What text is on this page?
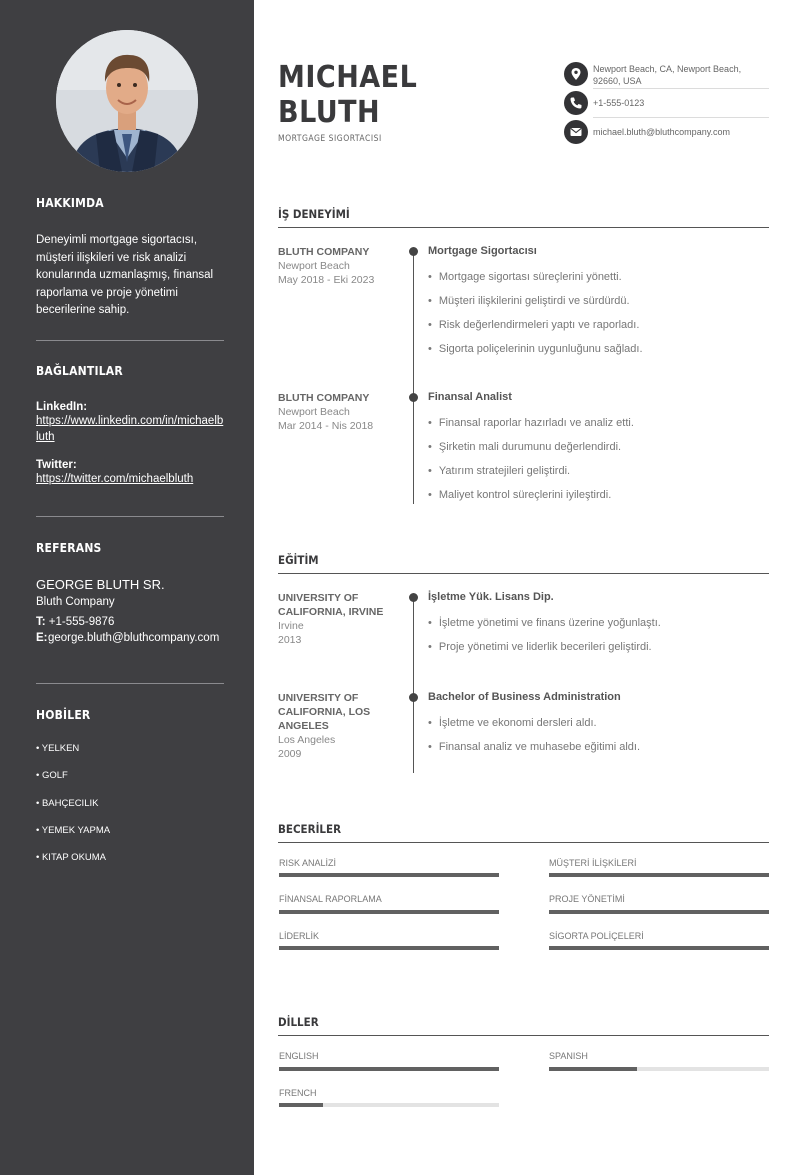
HAKKIMDA
Deneyimli mortgage sigortacısı, müşteri ilişkileri ve risk analizi konularında uzmanlaşmış, finansal raporlama ve proje yönetimi becerilerine sahip.
BAĞLANTILAR
LinkedIn:
https://www.linkedin.com/in/michaelbluth
Twitter:
https://twitter.com/michaelbluth
REFERANS
GEORGE BLUTH SR.
Bluth Company
T: +1-555-9876
E: george.bluth@bluthcompany.com
HOBİLER
• YELKEN
• GOLF
• BAHÇECILIK
• YEMEK YAPMA
• KITAP OKUMA
MICHAEL
BLUTH
MORTGAGE SIGORTACISI
Newport Beach, CA, Newport Beach, 92660, USA
+1-555-0123
michael.bluth@bluthcompany.com
İŞ DENEYİMİ
BLUTH COMPANY
Newport Beach
May 2018 - Eki 2023
Mortgage Sigortacısı
• Mortgage sigortası süreçlerini yönetti.
• Müşteri ilişkilerini geliştirdi ve sürdürdü.
• Risk değerlendirmeleri yaptı ve raporladı.
• Sigorta poliçelerinin uygunluğunu sağladı.
BLUTH COMPANY
Newport Beach
Mar 2014 - Nis 2018
Finansal Analist
• Finansal raporlar hazırladı ve analiz etti.
• Şirketin mali durumunu değerlendirdi.
• Yatırım stratejileri geliştirdi.
• Maliyet kontrol süreçlerini iyileştirdi.
EĞİTİM
UNIVERSITY OF
CALIFORNIA, IRVINE
Irvine
2013
İşletme Yük. Lisans Dip.
• İşletme yönetimi ve finans üzerine yoğunlaştı.
• Proje yönetimi ve liderlik becerileri geliştirdi.
UNIVERSITY OF
CALIFORNIA, LOS
ANGELES
Los Angeles
2009
Bachelor of Business Administration
• İşletme ve ekonomi dersleri aldı.
• Finansal analiz ve muhasebe eğitimi aldı.
BECERİLER
RISK ANALİZİ	MÜŞTERİ İLİŞKİLERİ
FİNANSAL RAPORLAMA	PROJE YÖNETİMİ
LİDERLİK	SİGORTA POLİÇELERİ
DİLLER
ENGLISH	SPANISH
FRENCH
